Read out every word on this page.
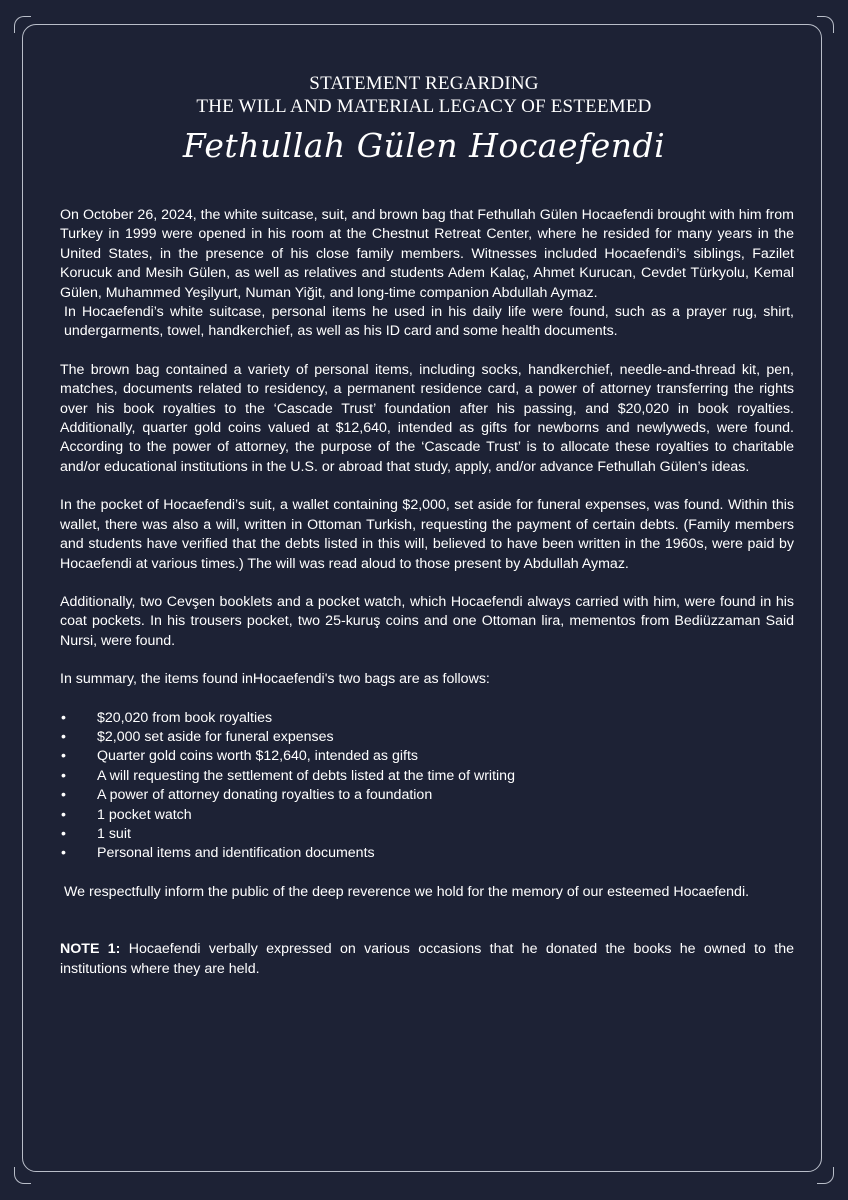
STATEMENT REGARDING
THE WILL AND MATERIAL LEGACY OF ESTEEMED
Fethullah Gülen Hocaefendi

On October 26, 2024, the white suitcase, suit, and brown bag that Fethullah Gülen Hocaefendi brought with him from Turkey in 1999 were opened in his room at the Chestnut Retreat Center, where he resided for many years in the United States, in the presence of his close family members. Witnesses included Hocaefendi’s siblings, Fazilet Korucuk and Mesih Gülen, as well as relatives and students Adem Kalaç, Ahmet Kurucan, Cevdet Türkyolu, Kemal Gülen, Muhammed Yeşilyurt, Numan Yiğit, and long-time companion Abdullah Aymaz.

In Hocaefendi’s white suitcase, personal items he used in his daily life were found, such as a prayer rug, shirt, undergarments, towel, handkerchief, as well as his ID card and some health documents.

The brown bag contained a variety of personal items, including socks, handkerchief, needle-and-thread kit, pen, matches, documents related to residency, a permanent residence card, a power of attorney transferring the rights over his book royalties to the ‘Cascade Trust’ foundation after his passing, and $20,020 in book royalties. Additionally, quarter gold coins valued at $12,640, intended as gifts for newborns and newlyweds, were found. According to the power of attorney, the purpose of the ‘Cascade Trust’ is to allocate these royalties to charitable and/or educational institutions in the U.S. or abroad that study, apply, and/or advance Fethullah Gülen’s ideas.

In the pocket of Hocaefendi’s suit, a wallet containing $2,000, set aside for funeral expenses, was found. Within this wallet, there was also a will, written in Ottoman Turkish, requesting the payment of certain debts. (Family members and students have verified that the debts listed in this will, believed to have been written in the 1960s, were paid by Hocaefendi at various times.) The will was read aloud to those present by Abdullah Aymaz.

Additionally, two Cevşen booklets and a pocket watch, which Hocaefendi always carried with him, were found in his coat pockets. In his trousers pocket, two 25-kuruş coins and one Ottoman lira, mementos from Bediüzzaman Said Nursi, were found.

In summary, the items found inHocaefendi's two bags are as follows:

• $20,020 from book royalties
• $2,000 set aside for funeral expenses
• Quarter gold coins worth $12,640, intended as gifts
• A will requesting the settlement of debts listed at the time of writing
• A power of attorney donating royalties to a foundation
• 1 pocket watch
• 1 suit
• Personal items and identification documents

We respectfully inform the public of the deep reverence we hold for the memory of our esteemed Hocaefendi.

NOTE 1: Hocaefendi verbally expressed on various occasions that he donated the books he owned to the institutions where they are held.
